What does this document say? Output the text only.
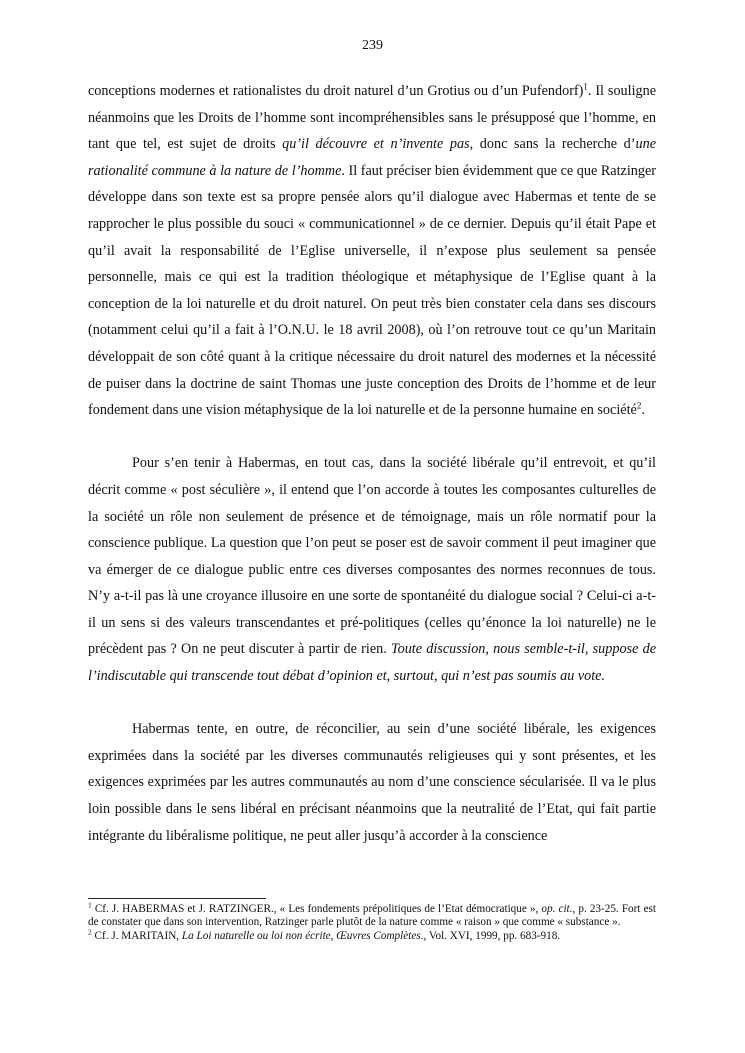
239

conceptions modernes et rationalistes du droit naturel d’un Grotius ou d’un Pufendorf)$^1$. Il souligne néanmoins que les Droits de l’homme sont incompréhensibles sans le présupposé que l’homme, en tant que tel, est sujet de droits qu’il découvre et n’invente pas, donc sans la recherche d’une rationalité commune à la nature de l’homme. Il faut préciser bien évidemment que ce que Ratzinger développe dans son texte est sa propre pensée alors qu’il dialogue avec Habermas et tente de se rapprocher le plus possible du souci « communicationnel » de ce dernier. Depuis qu’il était Pape et qu’il avait la responsabilité de l’Eglise universelle, il n’expose plus seulement sa pensée personnelle, mais ce qui est la tradition théologique et métaphysique de l’Eglise quant à la conception de la loi naturelle et du droit naturel. On peut très bien constater cela dans ses discours (notamment celui qu’il a fait à l’O.N.U. le 18 avril 2008), où l’on retrouve tout ce qu’un Maritain développait de son côté quant à la critique nécessaire du droit naturel des modernes et la nécessité de puiser dans la doctrine de saint Thomas une juste conception des Droits de l’homme et de leur fondement dans une vision métaphysique de la loi naturelle et de la personne humaine en société$^2$.

Pour s’en tenir à Habermas, en tout cas, dans la société libérale qu’il entrevoit, et qu’il décrit comme « post séculière », il entend que l’on accorde à toutes les composantes culturelles de la société un rôle non seulement de présence et de témoignage, mais un rôle normatif pour la conscience publique. La question que l’on peut se poser est de savoir comment il peut imaginer que va émerger de ce dialogue public entre ces diverses composantes des normes reconnues de tous. N’y a-t-il pas là une croyance illusoire en une sorte de spontanéité du dialogue social ? Celui-ci a-t-il un sens si des valeurs transcendantes et pré-politiques (celles qu’énonce la loi naturelle) ne le précèdent pas ? On ne peut discuter à partir de rien. Toute discussion, nous semble-t-il, suppose de l’indiscutable qui transcende tout débat d’opinion et, surtout, qui n’est pas soumis au vote.

Habermas tente, en outre, de réconcilier, au sein d’une société libérale, les exigences exprimées dans la société par les diverses communautés religieuses qui y sont présentes, et les exigences exprimées par les autres communautés au nom d’une conscience sécularisée. Il va le plus loin possible dans le sens libéral en précisant néanmoins que la neutralité de l’Etat, qui fait partie intégrante du libéralisme politique, ne peut aller jusqu’à accorder à la conscience

$^1$ Cf. J. HABERMAS et J. RATZINGER., « Les fondements prépolitiques de l’Etat démocratique », op. cit., p. 23-25. Fort est de constater que dans son intervention, Ratzinger parle plutôt de la nature comme « raison » que comme « substance ».

$^2$ Cf. J. MARITAIN, La Loi naturelle ou loi non écrite, Œuvres Complètes., Vol. XVI, 1999, pp. 683-918.
